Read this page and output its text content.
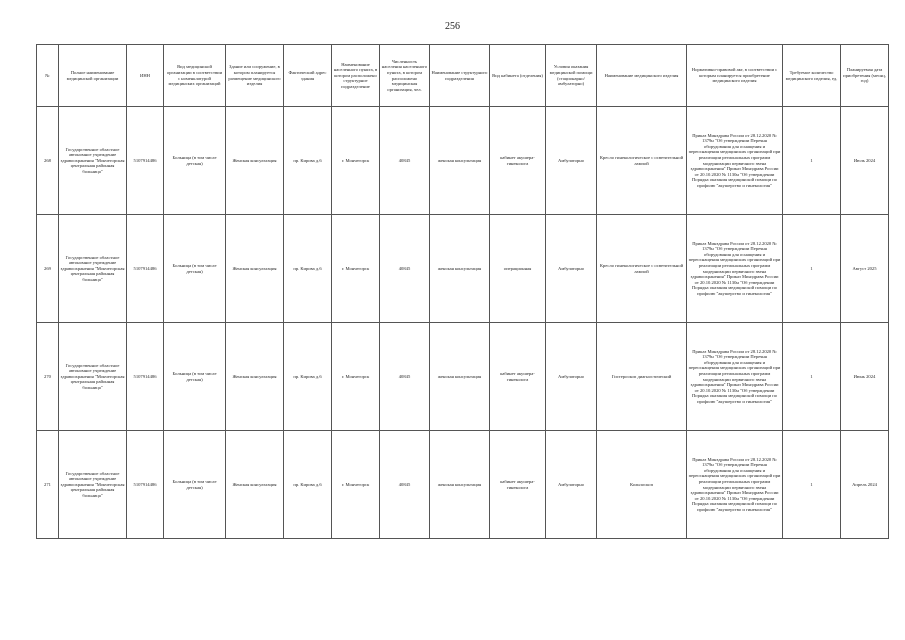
256
№	Полное наименование медицинской организации	ИНН	Вид медицинской организации в соответствии с номенклатурой медицинских организаций	Здание или сооружение, в котором планируется размещение медицинского изделия	Фактический адрес здания	Наименование населенного пункта, в котором расположено структурное подразделение	Численность населения населенного пункта, в котором расположено медицинская организация, чел.	Наименование структурного подразделения	Вид кабинета (отделения)	Условия оказания медицинской помощи (стационарно/амбулаторно)	Наименование медицинского изделия	Нормативно-правовой акт, в соответствии с которым планируется приобретение медицинского изделия	Требуемое количество медицинского изделия, ед.	Планируемая дата приобретения (месяц, год)
268	Государственное областное автономное учреждение здравоохранения "Мончегорская центральная районная больница"	5107914486	Больница (в том числе детская)	Женская консультация	пр. Кирова д.6	г. Мончегорск	40845	женская консультация	кабинет акушера-гинеколога	Амбулаторно	Кресло гинекологическое с осветительной лампой	Приказ Минздрава России от 28.12.2020 № 1379н "Об утверждении Перечня оборудования для оснащения и переоснащения медицинских организаций при реализации региональных программ модернизации первичного звена здравоохранения" Приказ Минздрава России от 20.10.2020 № 1130н "Об утверждении Порядка оказания медицинской помощи по профилю "акушерство и гинекология"	1	Июль 2024
269	Государственное областное автономное учреждение здравоохранения "Мончегорская центральная районная больница"	5107914486	Больница (в том числе детская)	Женская консультация	пр. Кирова д.6	г. Мончегорск	40845	женская консультация	операционная	Амбулаторно	Кресло гинекологическое с осветительной лампой	Приказ Минздрава России от 28.12.2020 № 1379н "Об утверждении Перечня оборудования для оснащения и переоснащения медицинских организаций при реализации региональных программ модернизации первичного звена здравоохранения" Приказ Минздрава России от 20.10.2020 № 1130н "Об утверждении Порядка оказания медицинской помощи по профилю "акушерство и гинекология"	1	Август 2025
270	Государственное областное автономное учреждение здравоохранения "Мончегорская центральная районная больница"	5107914486	Больница (в том числе детская)	Женская консультация	пр. Кирова д.6	г. Мончегорск	40845	женская консультация	кабинет акушера-гинеколога	Амбулаторно	Гистероскоп диагностический	Приказ Минздрава России от 28.12.2020 № 1379н "Об утверждении Перечня оборудования для оснащения и переоснащения медицинских организаций при реализации региональных программ модернизации первичного звена здравоохранения" Приказ Минздрава России от 20.10.2020 № 1130н "Об утверждении Порядка оказания медицинской помощи по профилю "акушерство и гинекология"	1	Июнь 2024
271	Государственное областное автономное учреждение здравоохранения "Мончегорская центральная районная больница"	5107914486	Больница (в том числе детская)	Женская консультация	пр. Кирова д.6	г. Мончегорск	40845	женская консультация	кабинет акушера-гинеколога	Амбулаторно	Кольпоскоп	Приказ Минздрава России от 28.12.2020 № 1379н "Об утверждении Перечня оборудования для оснащения и переоснащения медицинских организаций при реализации региональных программ модернизации первичного звена здравоохранения" Приказ Минздрава России от 20.10.2020 № 1130н "Об утверждении Порядка оказания медицинской помощи по профилю "акушерство и гинекология"	1	Апрель 2024
